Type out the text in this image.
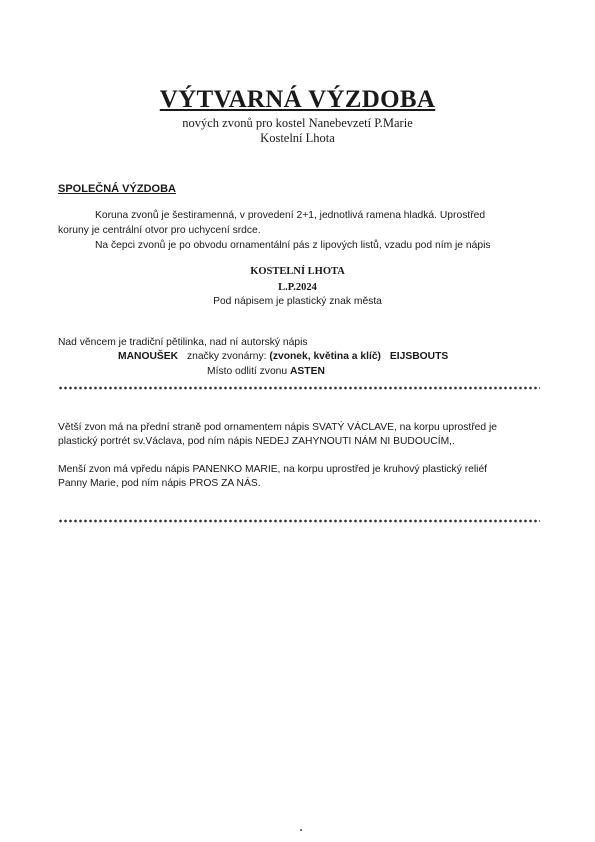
VÝTVARNÁ VÝZDOBA
nových zvonů pro kostel Nanebevzetí P.Marie
Kostelní Lhota
SPOLEČNÁ VÝZDOBA
Koruna zvonů je šestiramenná, v provedení 2+1, jednotlivá ramena hladká. Uprostřed
koruny je centrální otvor pro uchycení srdce.
Na čepci zvonů je po obvodu ornamentální pás z lipových listů, vzadu pod ním je nápis
KOSTELNÍ LHOTA
L.P.2024
Pod nápisem je plastický znak města
Nad věncem je tradiční pětilinka, nad ní autorský nápis
MANOUŠEK značky zvonárny: (zvonek, květina a klíč) EIJSBOUTS
Místo odlití zvonu ASTEN
Větší zvon má na přední straně pod ornamentem nápis SVATÝ VÁCLAVE, na korpu uprostřed je
plastický portrét sv.Václava, pod ním nápis NEDEJ ZAHYNOUTI NÁM NI BUDOUCÍM,.
Menší zvon má vpředu nápis PANENKO MARIE, na korpu uprostřed je kruhový plastický reliéf
Panny Marie, pod ním nápis PROS ZA NÁS.
